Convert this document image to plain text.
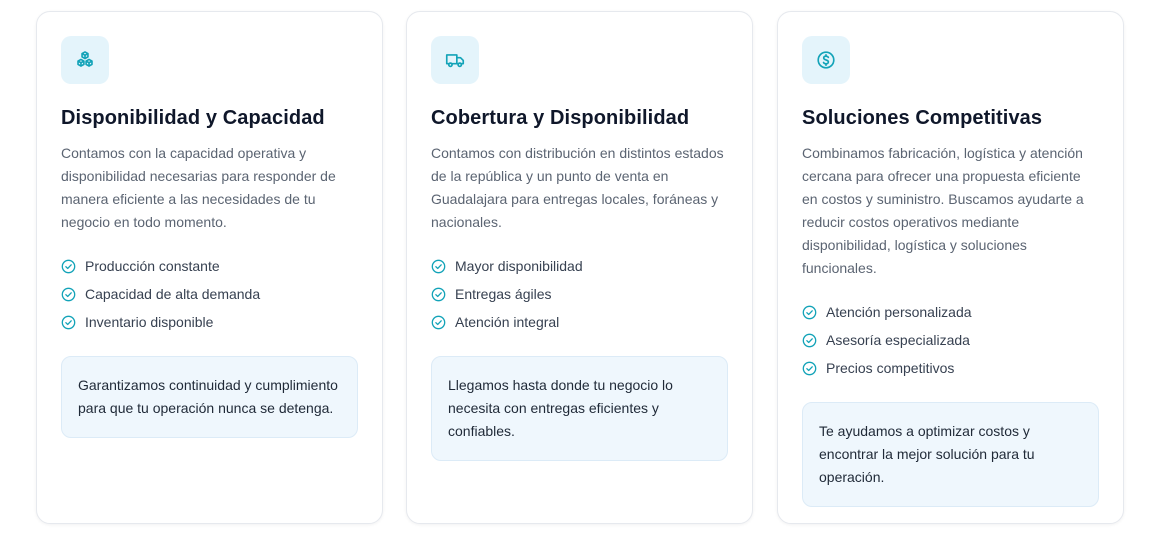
Disponibilidad y Capacidad

Contamos con la capacidad operativa y disponibilidad necesarias para responder de manera eficiente a las necesidades de tu negocio en todo momento.

Producción constante
Capacidad de alta demanda
Inventario disponible
Garantizamos continuidad y cumplimiento para que tu operación nunca se detenga.
Cobertura y Disponibilidad

Contamos con distribución en distintos estados de la república y un punto de venta en Guadalajara para entregas locales, foráneas y nacionales.

Mayor disponibilidad
Entregas ágiles
Atención integral
Llegamos hasta donde tu negocio lo necesita con entregas eficientes y confiables.
Soluciones Competitivas

Combinamos fabricación, logística y atención cercana para ofrecer una propuesta eficiente en costos y suministro. Buscamos ayudarte a reducir costos operativos mediante disponibilidad, logística y soluciones funcionales.

Atención personalizada
Asesoría especializada
Precios competitivos
Te ayudamos a optimizar costos y encontrar la mejor solución para tu operación.
